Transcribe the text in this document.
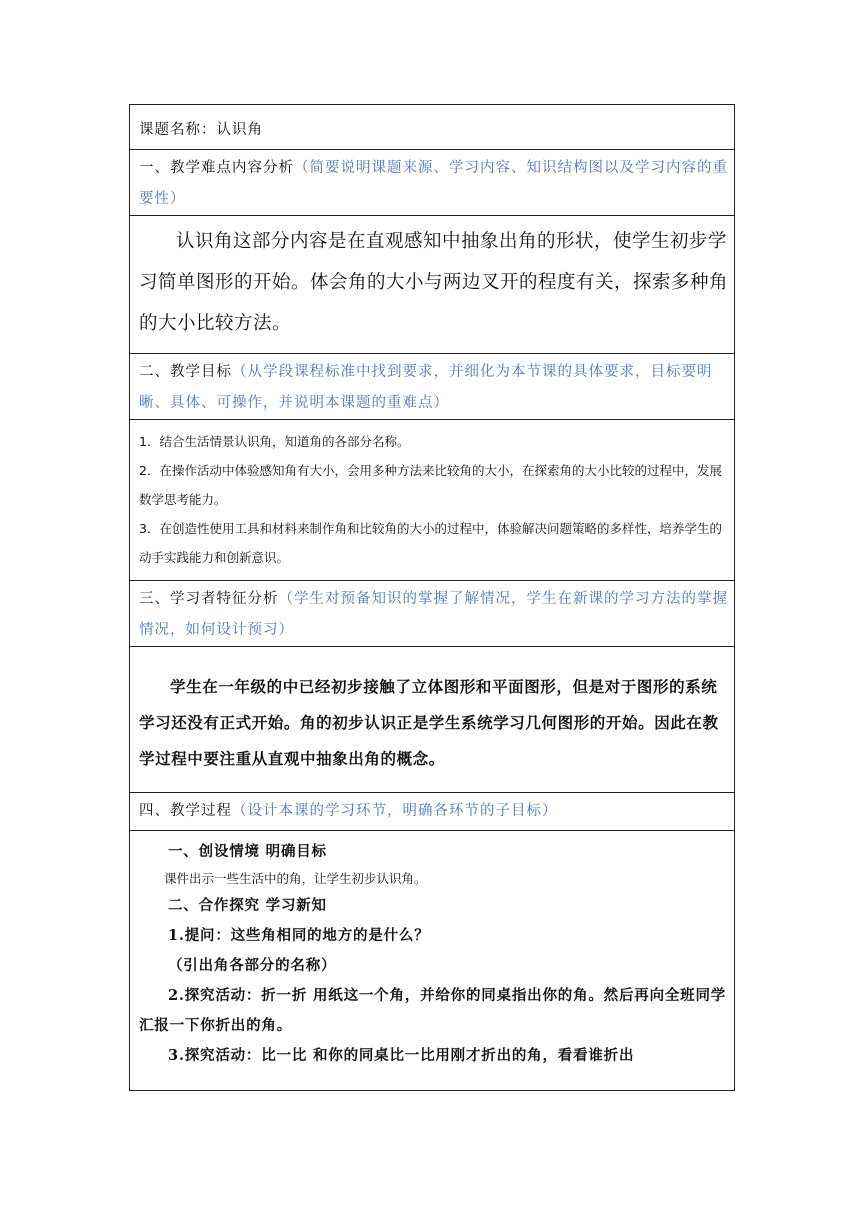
课题名称：认识角
一、教学难点内容分析（简要说明课题来源、学习内容、知识结构图以及学习内容的重要性）

认识角这部分内容是在直观感知中抽象出角的形状，使学生初步学习简单图形的开始。体会角的大小与两边叉开的程度有关，探索多种角的大小比较方法。

二、教学目标（从学段课程标准中找到要求，并细化为本节课的具体要求，目标要明晰、具体、可操作，并说明本课题的重难点）

1．结合生活情景认识角，知道角的各部分名称。

2．在操作活动中体验感知角有大小，会用多种方法来比较角的大小，在探索角的大小比较的过程中，发展数学思考能力。

3．在创造性使用工具和材料来制作角和比较角的大小的过程中，体验解决问题策略的多样性，培养学生的动手实践能力和创新意识。

三、学习者特征分析（学生对预备知识的掌握了解情况，学生在新课的学习方法的掌握情况，如何设计预习）

学生在一年级的中已经初步接触了立体图形和平面图形，但是对于图形的系统学习还没有正式开始。角的初步认识正是学生系统学习几何图形的开始。因此在教学过程中要注重从直观中抽象出角的概念。

四、教学过程（设计本课的学习环节，明确各环节的子目标）

一、创设情境 明确目标

课件出示一些生活中的角，让学生初步认识角。

二、合作探究 学习新知

1.提问：这些角相同的地方的是什么？

（引出角各部分的名称）

2.探究活动：折一折 用纸这一个角，并给你的同桌指出你的角。然后再向全班同学汇报一下你折出的角。

3.探究活动：比一比 和你的同桌比一比用刚才折出的角，看看谁折出
